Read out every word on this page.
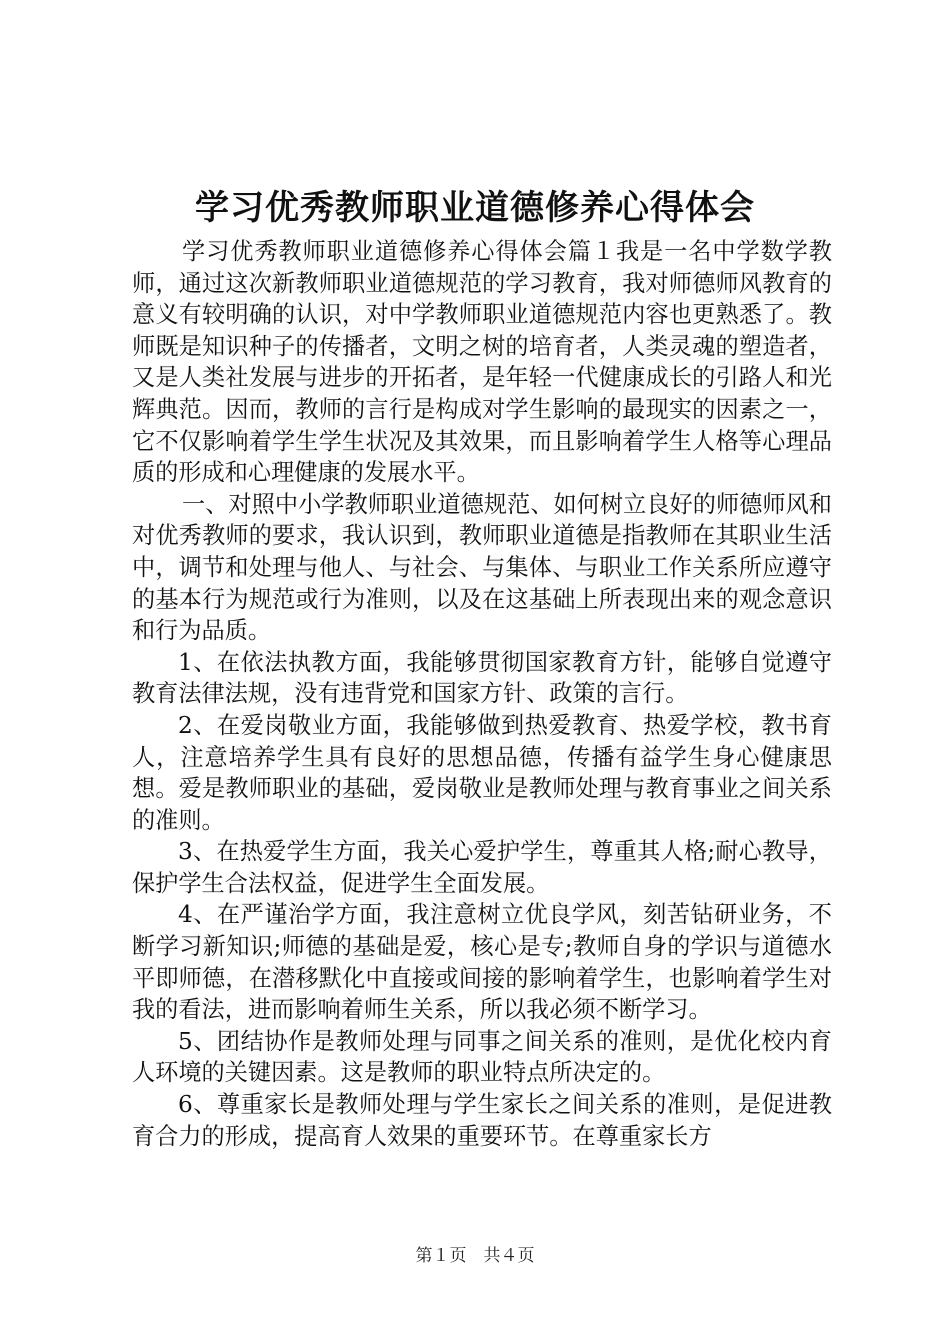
学习优秀教师职业道德修养心得体会

学习优秀教师职业道德修养心得体会篇１我是一名中学数学教师，通过这次新教师职业道德规范的学习教育，我对师德师风教育的意义有较明确的认识，对中学教师职业道德规范内容也更熟悉了。教师既是知识种子的传播者，文明之树的培育者，人类灵魂的塑造者，又是人类社发展与进步的开拓者，是年轻一代健康成长的引路人和光辉典范。因而，教师的言行是构成对学生影响的最现实的因素之一，它不仅影响着学生学生状况及其效果，而且影响着学生人格等心理品质的形成和心理健康的发展水平。

一、对照中小学教师职业道德规范、如何树立良好的师德师风和对优秀教师的要求，我认识到，教师职业道德是指教师在其职业生活中，调节和处理与他人、与社会、与集体、与职业工作关系所应遵守的基本行为规范或行为准则，以及在这基础上所表现出来的观念意识和行为品质。

1、在依法执教方面，我能够贯彻国家教育方针，能够自觉遵守教育法律法规，没有违背党和国家方针、政策的言行。

2、在爱岗敬业方面，我能够做到热爱教育、热爱学校，教书育人，注意培养学生具有良好的思想品德，传播有益学生身心健康思想。爱是教师职业的基础，爱岗敬业是教师处理与教育事业之间关系的准则。

3、在热爱学生方面，我关心爱护学生，尊重其人格;耐心教导，保护学生合法权益，促进学生全面发展。

4、在严谨治学方面，我注意树立优良学风，刻苦钻研业务，不断学习新知识;师德的基础是爱，核心是专;教师自身的学识与道德水平即师德，在潜移默化中直接或间接的影响着学生，也影响着学生对我的看法，进而影响着师生关系，所以我必须不断学习。

5、团结协作是教师处理与同事之间关系的准则，是优化校内育人环境的关键因素。这是教师的职业特点所决定的。

6、尊重家长是教师处理与学生家长之间关系的准则，是促进教育合力的形成，提高育人效果的重要环节。在尊重家长方

第１页　共４页
